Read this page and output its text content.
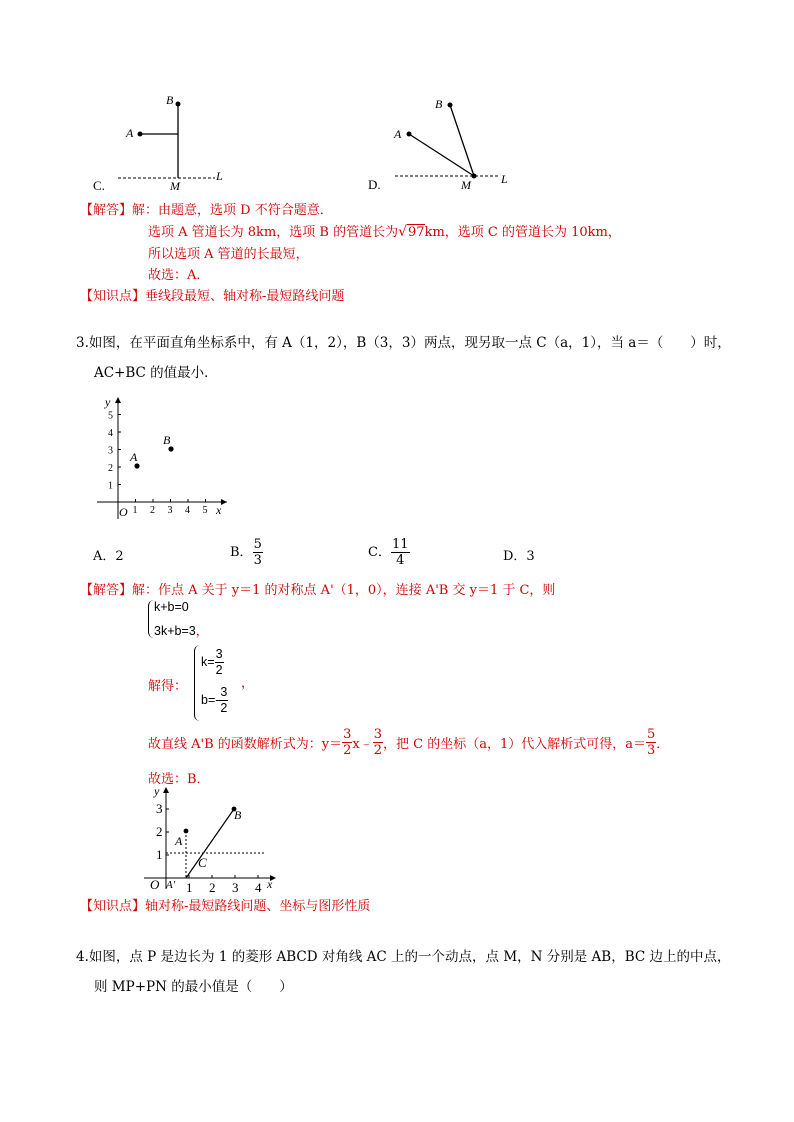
B
A
M
L
C.
B
A
M	L
D.
【解答】解：由题意，选项 D 不符合题意．
选项 A 管道长为 8km，选项 B 的管道长为√97km，选项 C 的管道长为 10km，
所以选项 A 管道的长最短，
故选：A．
【知识点】垂线段最短、轴对称-最短路线问题
3.如图，在平面直角坐标系中，有 A（1，2），B（3，3）两点，现另取一点 C（a，1），当 a＝（　　）时，
AC+BC 的值最小．
1 2 3 4 5
1
2
3
4
5
A
B
y
x
O
A．2	B． $\frac{5}{3}$	C． $\frac{11}{4}$	D．3
【解答】解：作点 A 关于 y＝1 的对称点 A'（1，0），连接 A'B 交 y＝1 于 C，则
k+b=0
3k+b=3，
解得：
$k= \frac{3}{2}$
$b=- \frac{3}{2}$
，
故直线 A'B 的函数解析式为：$y= \frac{3}{2}$ x﹣ $\frac{3}{2}$ ，把 C 的坐标（a，1）代入解析式可得，$a= \frac{5}{3}$ ．
故选：B．
1 2 3 4
1
2
3
y
x
O
A
A'
B
C
【知识点】轴对称-最短路线问题、坐标与图形性质
4.如图，点 P 是边长为 1 的菱形 ABCD 对角线 AC 上的一个动点，点 M，N 分别是 AB，BC 边上的中点，
则 MP+PN 的最小值是（　　）
